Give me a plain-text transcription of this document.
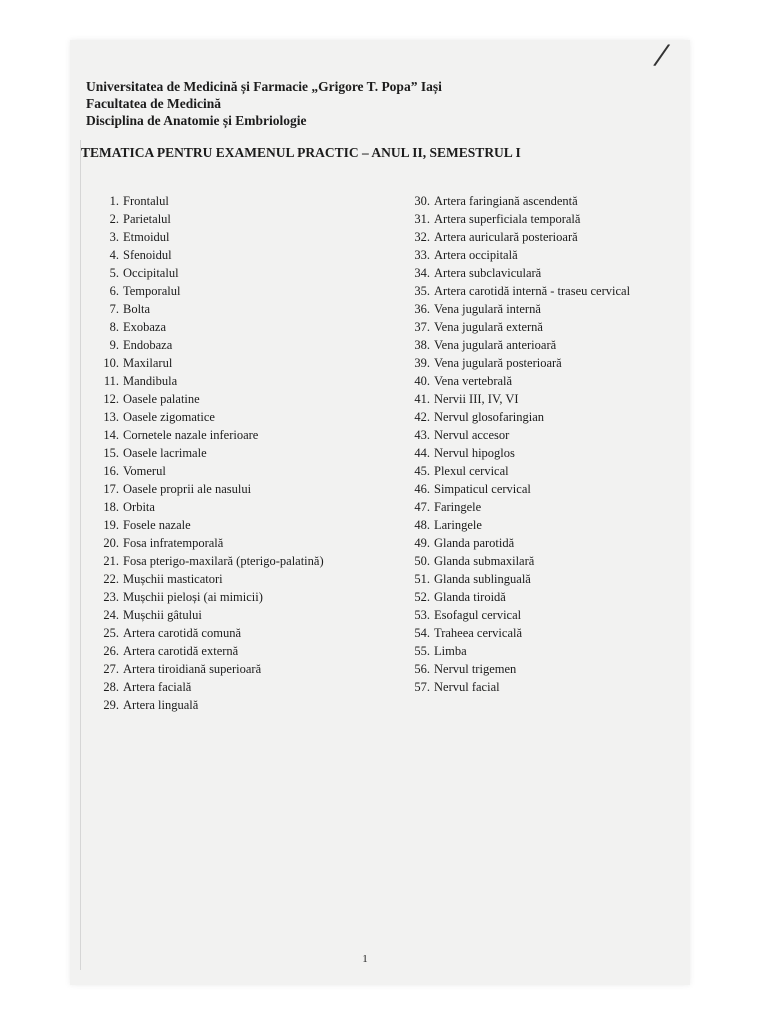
/
Universitatea de Medicină și Farmacie „Grigore T. Popa” Iași
Facultatea de Medicină
Disciplina de Anatomie și Embriologie
TEMATICA PENTRU EXAMENUL PRACTIC – ANUL II, SEMESTRUL I
1. Frontalul
2. Parietalul
3. Etmoidul
4. Sfenoidul
5. Occipitalul
6. Temporalul
7. Bolta
8. Exobaza
9. Endobaza
10. Maxilarul
11. Mandibula
12. Oasele palatine
13. Oasele zigomatice
14. Cornetele nazale inferioare
15. Oasele lacrimale
16. Vomerul
17. Oasele proprii ale nasului
18. Orbita
19. Fosele nazale
20. Fosa infratemporală
21. Fosa pterigo-maxilară (pterigo-palatină)
22. Mușchii masticatori
23. Mușchii pieloși (ai mimicii)
24. Mușchii gâtului
25. Artera carotidă comună
26. Artera carotidă externă
27. Artera tiroidiană superioară
28. Artera facială
29. Artera linguală
30. Artera faringiană ascendentă
31. Artera superficiala temporală
32. Artera auriculară posterioară
33. Artera occipitală
34. Artera subclaviculară
35. Artera carotidă internă - traseu cervical
36. Vena jugulară internă
37. Vena jugulară externă
38. Vena jugulară anterioară
39. Vena jugulară posterioară
40. Vena vertebrală
41. Nervii III, IV, VI
42. Nervul glosofaringian
43. Nervul accesor
44. Nervul hipoglos
45. Plexul cervical
46. Simpaticul cervical
47. Faringele
48. Laringele
49. Glanda parotidă
50. Glanda submaxilară
51. Glanda sublinguală
52. Glanda tiroidă
53. Esofagul cervical
54. Traheea cervicală
55. Limba
56. Nervul trigemen
57. Nervul facial
1
